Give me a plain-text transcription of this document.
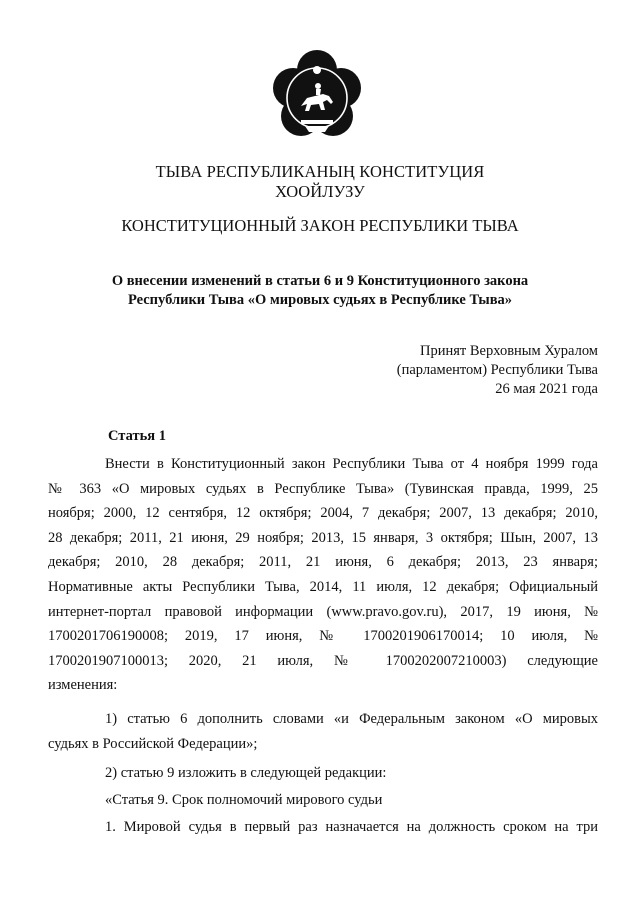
ТЫВА РЕСПУБЛИКАНЫҢ КОНСТИТУЦИЯ
ХООЙЛУЗУ
КОНСТИТУЦИОННЫЙ ЗАКОН РЕСПУБЛИКИ ТЫВА
О внесении изменений в статьи 6 и 9 Конституционного закона
Республики Тыва «О мировых судьях в Республике Тыва»
Принят Верховным Хуралом
(парламентом) Республики Тыва
26 мая 2021 года
Статья 1
Внести в Конституционный закон Республики Тыва от 4 ноября 1999 года
№ 363 «О мировых судьях в Республике Тыва» (Тувинская правда, 1999, 25
ноября; 2000, 12 сентября, 12 октября; 2004, 7 декабря; 2007, 13 декабря; 2010,
28 декабря; 2011, 21 июня, 29 ноября; 2013, 15 января, 3 октября; Шын, 2007, 13
декабря; 2010, 28 декабря; 2011, 21 июня, 6 декабря; 2013, 23 января;
Нормативные акты Республики Тыва, 2014, 11 июля, 12 декабря; Официальный
интернет-портал правовой информации (www.pravo.gov.ru), 2017, 19 июня, №
1700201706190008; 2019, 17 июня, № 1700201906170014; 10 июля, №
1700201907100013; 2020, 21 июля, № 1700202007210003) следующие
изменения:
1) статью 6 дополнить словами «и Федеральным законом «О мировых
судьях в Российской Федерации»;
2) статью 9 изложить в следующей редакции:
«Статья 9. Срок полномочий мирового судьи
1. Мировой судья в первый раз назначается на должность сроком на три
